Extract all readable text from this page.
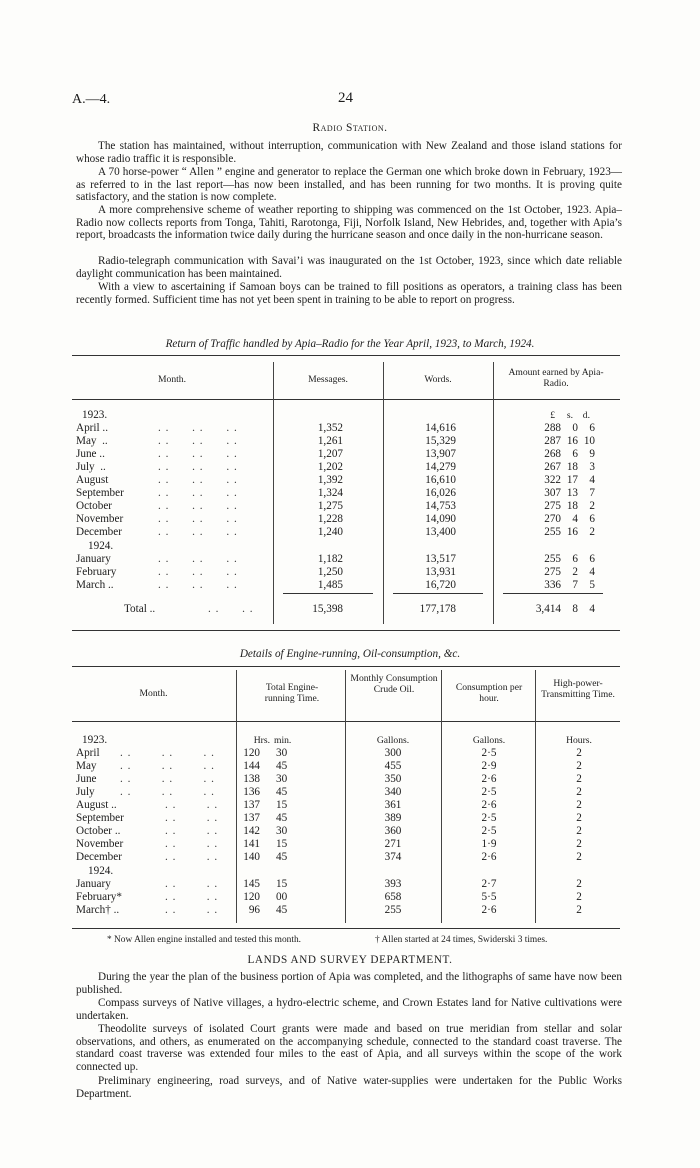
A.—4.	24
Radio Station.

The station has maintained, without interruption, communication with New Zealand and those island stations for whose radio traffic it is responsible.

A 70 horse-power “ Allen ” engine and generator to replace the German one which broke down in February, 1923—as referred to in the last report—has now been installed, and has been running for two months. It is proving quite satisfactory, and the station is now complete.

A more comprehensive scheme of weather reporting to shipping was commenced on the 1st October, 1923. Apia–Radio now collects reports from Tonga, Tahiti, Rarotonga, Fiji, Norfolk Island, New Hebrides, and, together with Apia’s report, broadcasts the information twice daily during the hurricane season and once daily in the non-hurricane season.

Radio-telegraph communication with Savai’i was inaugurated on the 1st October, 1923, since which date reliable daylight communication has been maintained.

With a view to ascertaining if Samoan boys can be trained to fill positions as operators, a training class has been recently formed. Sufficient time has not yet been spent in training to be able to report on progress.

Return of Traffic handled by Apia–Radio for the Year April, 1923, to March, 1924.
Month.	Messages.	Words.
Amount earned by Apia-Radio.
1923.	£ s. d.
April ..	. .      . .      . .	1,352	14,616	288 0 6
May  ..	. .      . .      . .	1,261	15,329	287 16 10
June ..	. .      . .      . .	1,207	13,907	268 6 9
July  ..	. .      . .      . .	1,202	14,279	267 18 3
August	. .      . .      . .	1,392	16,610	322 17 4
September	. .      . .      . .	1,324	16,026	307 13 7
October	. .      . .      . .	1,275	14,753	275 18 2
November	. .      . .      . .	1,228	14,090	270 4 6
December	. .      . .      . .	1,240	13,400	255 16 2
1924.
January	. .      . .      . .	1,182	13,517	255 6 6
February	. .      . .      . .	1,250	13,931	275 2 4
March ..	. .      . .      . .	1,485	16,720	336 7 5
Total ..	. .      . .	15,398	177,178	3,414 8 4
Details of Engine-running, Oil-consumption, &c.
Month.
Total Engine-running Time.
Monthly Consumption Crude Oil.	Consumption per hour.
High-power-Transmitting Time.
1923.	Hrs. min.	Gallons.	Gallons.	Hours.
April . .        . .        . .	120 30	300	2·5	2
May . .        . .        . .	144 45	455	2·9	2
June . .        . .        . .	138 30	350	2·6	2
July . .        . .        . .	136 45	340	2·5	2
August ..	. .        . . 137 15	361	2·6	2
September	. .        . . 137 45	389	2·5	2
October ..	. .        . . 142 30	360	2·5	2
November	. .        . . 141 15	271	1·9	2
December	. .        . . 140 45	374	2·6	2
1924.
January	. .        . . 145 15	393	2·7	2
February*	. .        . . 120 00	658	5·5	2
March† ..	. .        . .	96 45	255	2·6	2
* Now Allen engine installed and tested this month.	† Allen started at 24 times, Swiderski 3 times.
LANDS AND SURVEY DEPARTMENT.

During the year the plan of the business portion of Apia was completed, and the lithographs of same have now been published.

Compass surveys of Native villages, a hydro-electric scheme, and Crown Estates land for Native cultivations were undertaken.

Theodolite surveys of isolated Court grants were made and based on true meridian from stellar and solar observations, and others, as enumerated on the accompanying schedule, connected to the standard coast traverse. The standard coast traverse was extended four miles to the east of Apia, and all surveys within the scope of the work connected up.

Preliminary engineering, road surveys, and of Native water-supplies were undertaken for the Public Works Department.
